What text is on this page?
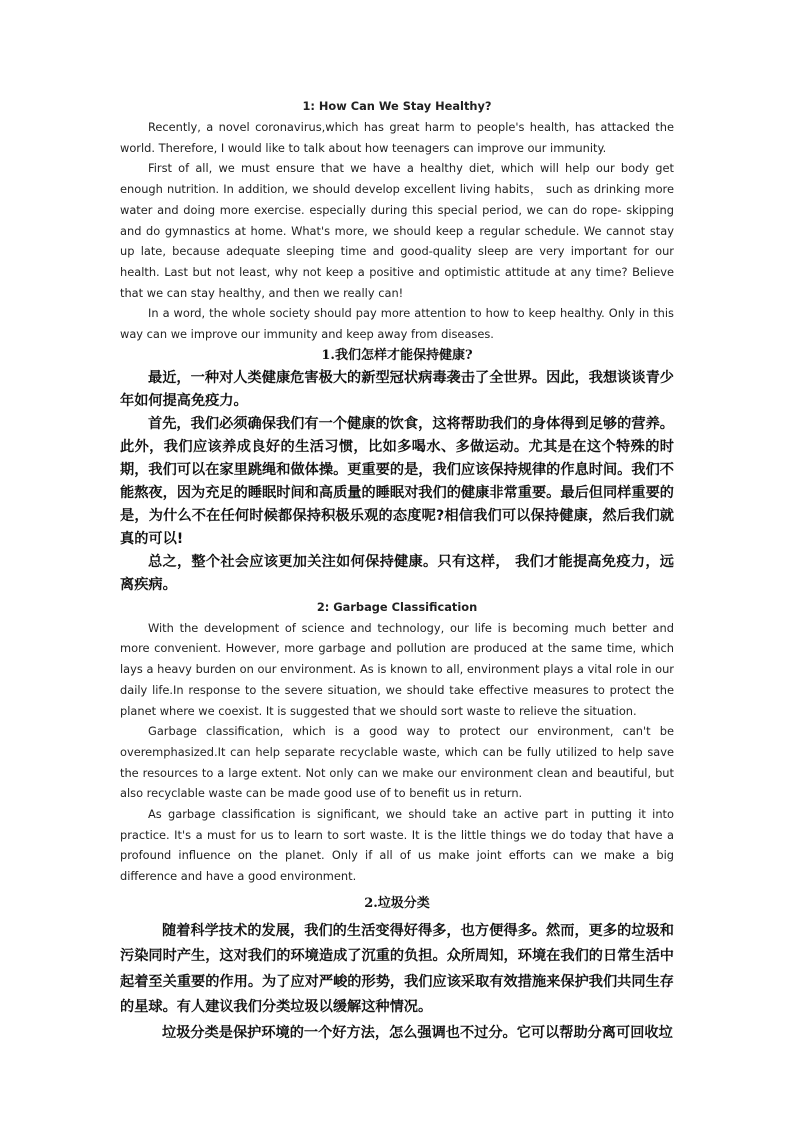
1: How Can We Stay Healthy?

Recently, a novel coronavirus,which has great harm to people's health, has attacked the world. Therefore, I would like to talk about how teenagers can improve our immunity.

First of all, we must ensure that we have a healthy diet, which will help our body get enough nutrition. In addition, we should develop excellent living habits， such as drinking more water and doing more exercise. especially during this special period, we can do rope- skipping and do gymnastics at home. What's more, we should keep a regular schedule. We cannot stay up late, because adequate sleeping time and good-quality sleep are very important for our health. Last but not least, why not keep a positive and optimistic attitude at any time? Believe that we can stay healthy, and then we really can!

In a word, the whole society should pay more attention to how to keep healthy. Only in this way can we improve our immunity and keep away from diseases.

1.我们怎样才能保持健康?

最近，一种对人类健康危害极大的新型冠状病毒袭击了全世界。因此，我想谈谈青少年如何提高免疫力。

首先，我们必须确保我们有一个健康的饮食，这将帮助我们的身体得到足够的营养。此外，我们应该养成良好的生活习惯，比如多喝水、多做运动。尤其是在这个特殊的时期，我们可以在家里跳绳和做体操。更重要的是，我们应该保持规律的作息时间。我们不能熬夜，因为充足的睡眠时间和高质量的睡眠对我们的健康非常重要。最后但同样重要的是，为什么不在任何时候都保持积极乐观的态度呢?相信我们可以保持健康，然后我们就真的可以!

总之，整个社会应该更加关注如何保持健康。只有这样， 我们才能提高免疫力，远离疾病。

2: Garbage Classification

With the development of science and technology, our life is becoming much better and more convenient. However, more garbage and pollution are produced at the same time, which lays a heavy burden on our environment. As is known to all, environment plays a vital role in our daily life.In response to the severe situation, we should take effective measures to protect the planet where we coexist. It is suggested that we should sort waste to relieve the situation.

Garbage classification, which is a good way to protect our environment, can't be overemphasized.It can help separate recyclable waste, which can be fully utilized to help save the resources to a large extent. Not only can we make our environment clean and beautiful, but also recyclable waste can be made good use of to benefit us in return.

As garbage classification is significant, we should take an active part in putting it into practice. It's a must for us to learn to sort waste. It is the little things we do today that have a profound influence on the planet. Only if all of us make joint efforts can we make a big difference and have a good environment.

2.垃圾分类

随着科学技术的发展，我们的生活变得好得多，也方便得多。然而，更多的垃圾和污染同时产生，这对我们的环境造成了沉重的负担。众所周知，环境在我们的日常生活中起着至关重要的作用。为了应对严峻的形势，我们应该采取有效措施来保护我们共同生存的星球。有人建议我们分类垃圾以缓解这种情况。

垃圾分类是保护环境的一个好方法，怎么强调也不过分。它可以帮助分离可回收垃
